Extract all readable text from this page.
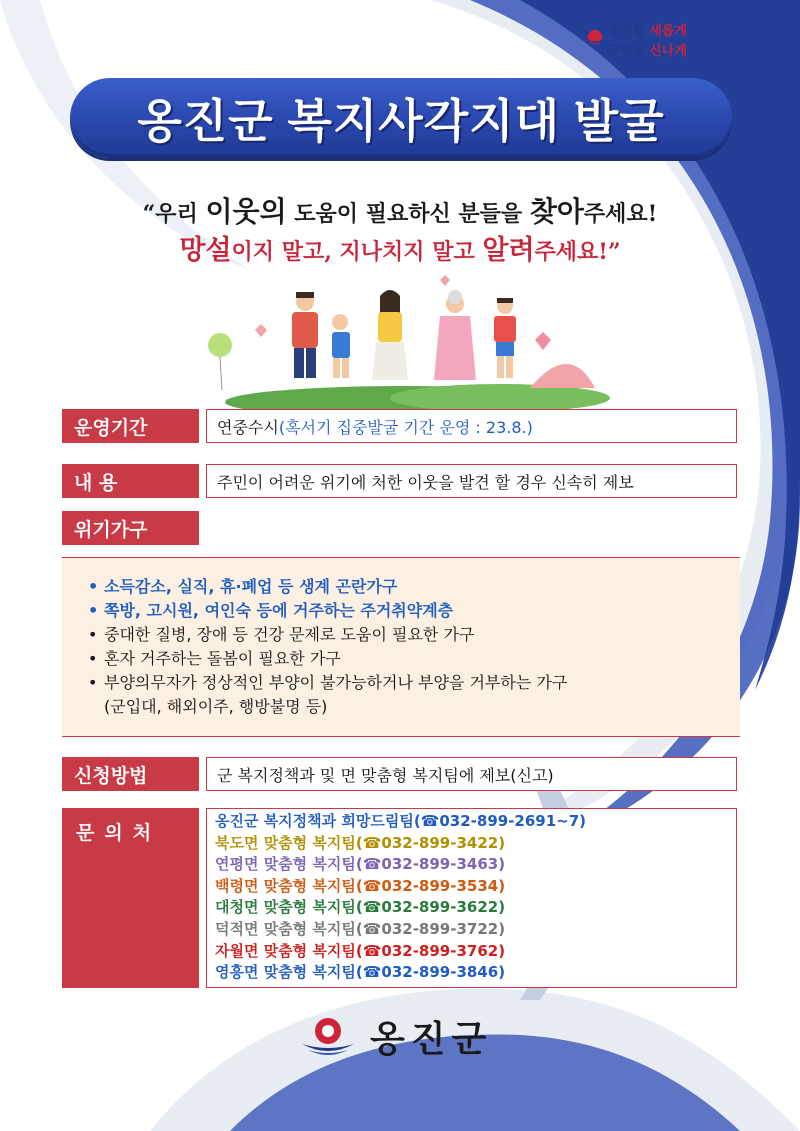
옹진을 새롭게
군민을 신나게
옹진군 복지사각지대 발굴
“우리 이웃의 도움이 필요하신 분들을 찾아주세요!
망설이지 말고, 지나치지 말고 알려주세요!”
운영기간	연중수시 (혹서기 집중발굴 기간 운영 : 23.8.)
내 용	주민이 어려운 위기에 처한 이웃을 발견 할 경우 신속히 제보
위기가구
• 소득감소, 실직, 휴·폐업 등 생계 곤란가구
• 쪽방, 고시원, 여인숙 등에 거주하는 주거취약계층
• 중대한 질병, 장애 등 건강 문제로 도움이 필요한 가구
• 혼자 거주하는 돌봄이 필요한 가구
• 부양의무자가 정상적인 부양이 불가능하거나 부양을 거부하는 가구
(군입대, 해외이주, 행방불명 등)
신청방법	군 복지정책과 및 면 맞춤형 복지팀에 제보(신고)
문의처
옹진군 복지정책과 희망드림팀(☎032-899-2691~7)
북도면 맞춤형 복지팀(☎032-899-3422)
연평면 맞춤형 복지팀(☎032-899-3463)
백령면 맞춤형 복지팀(☎032-899-3534)
대청면 맞춤형 복지팀(☎032-899-3622)
덕적면 맞춤형 복지팀(☎032-899-3722)
자월면 맞춤형 복지팀(☎032-899-3762)
영흥면 맞춤형 복지팀(☎032-899-3846)
옹진군
